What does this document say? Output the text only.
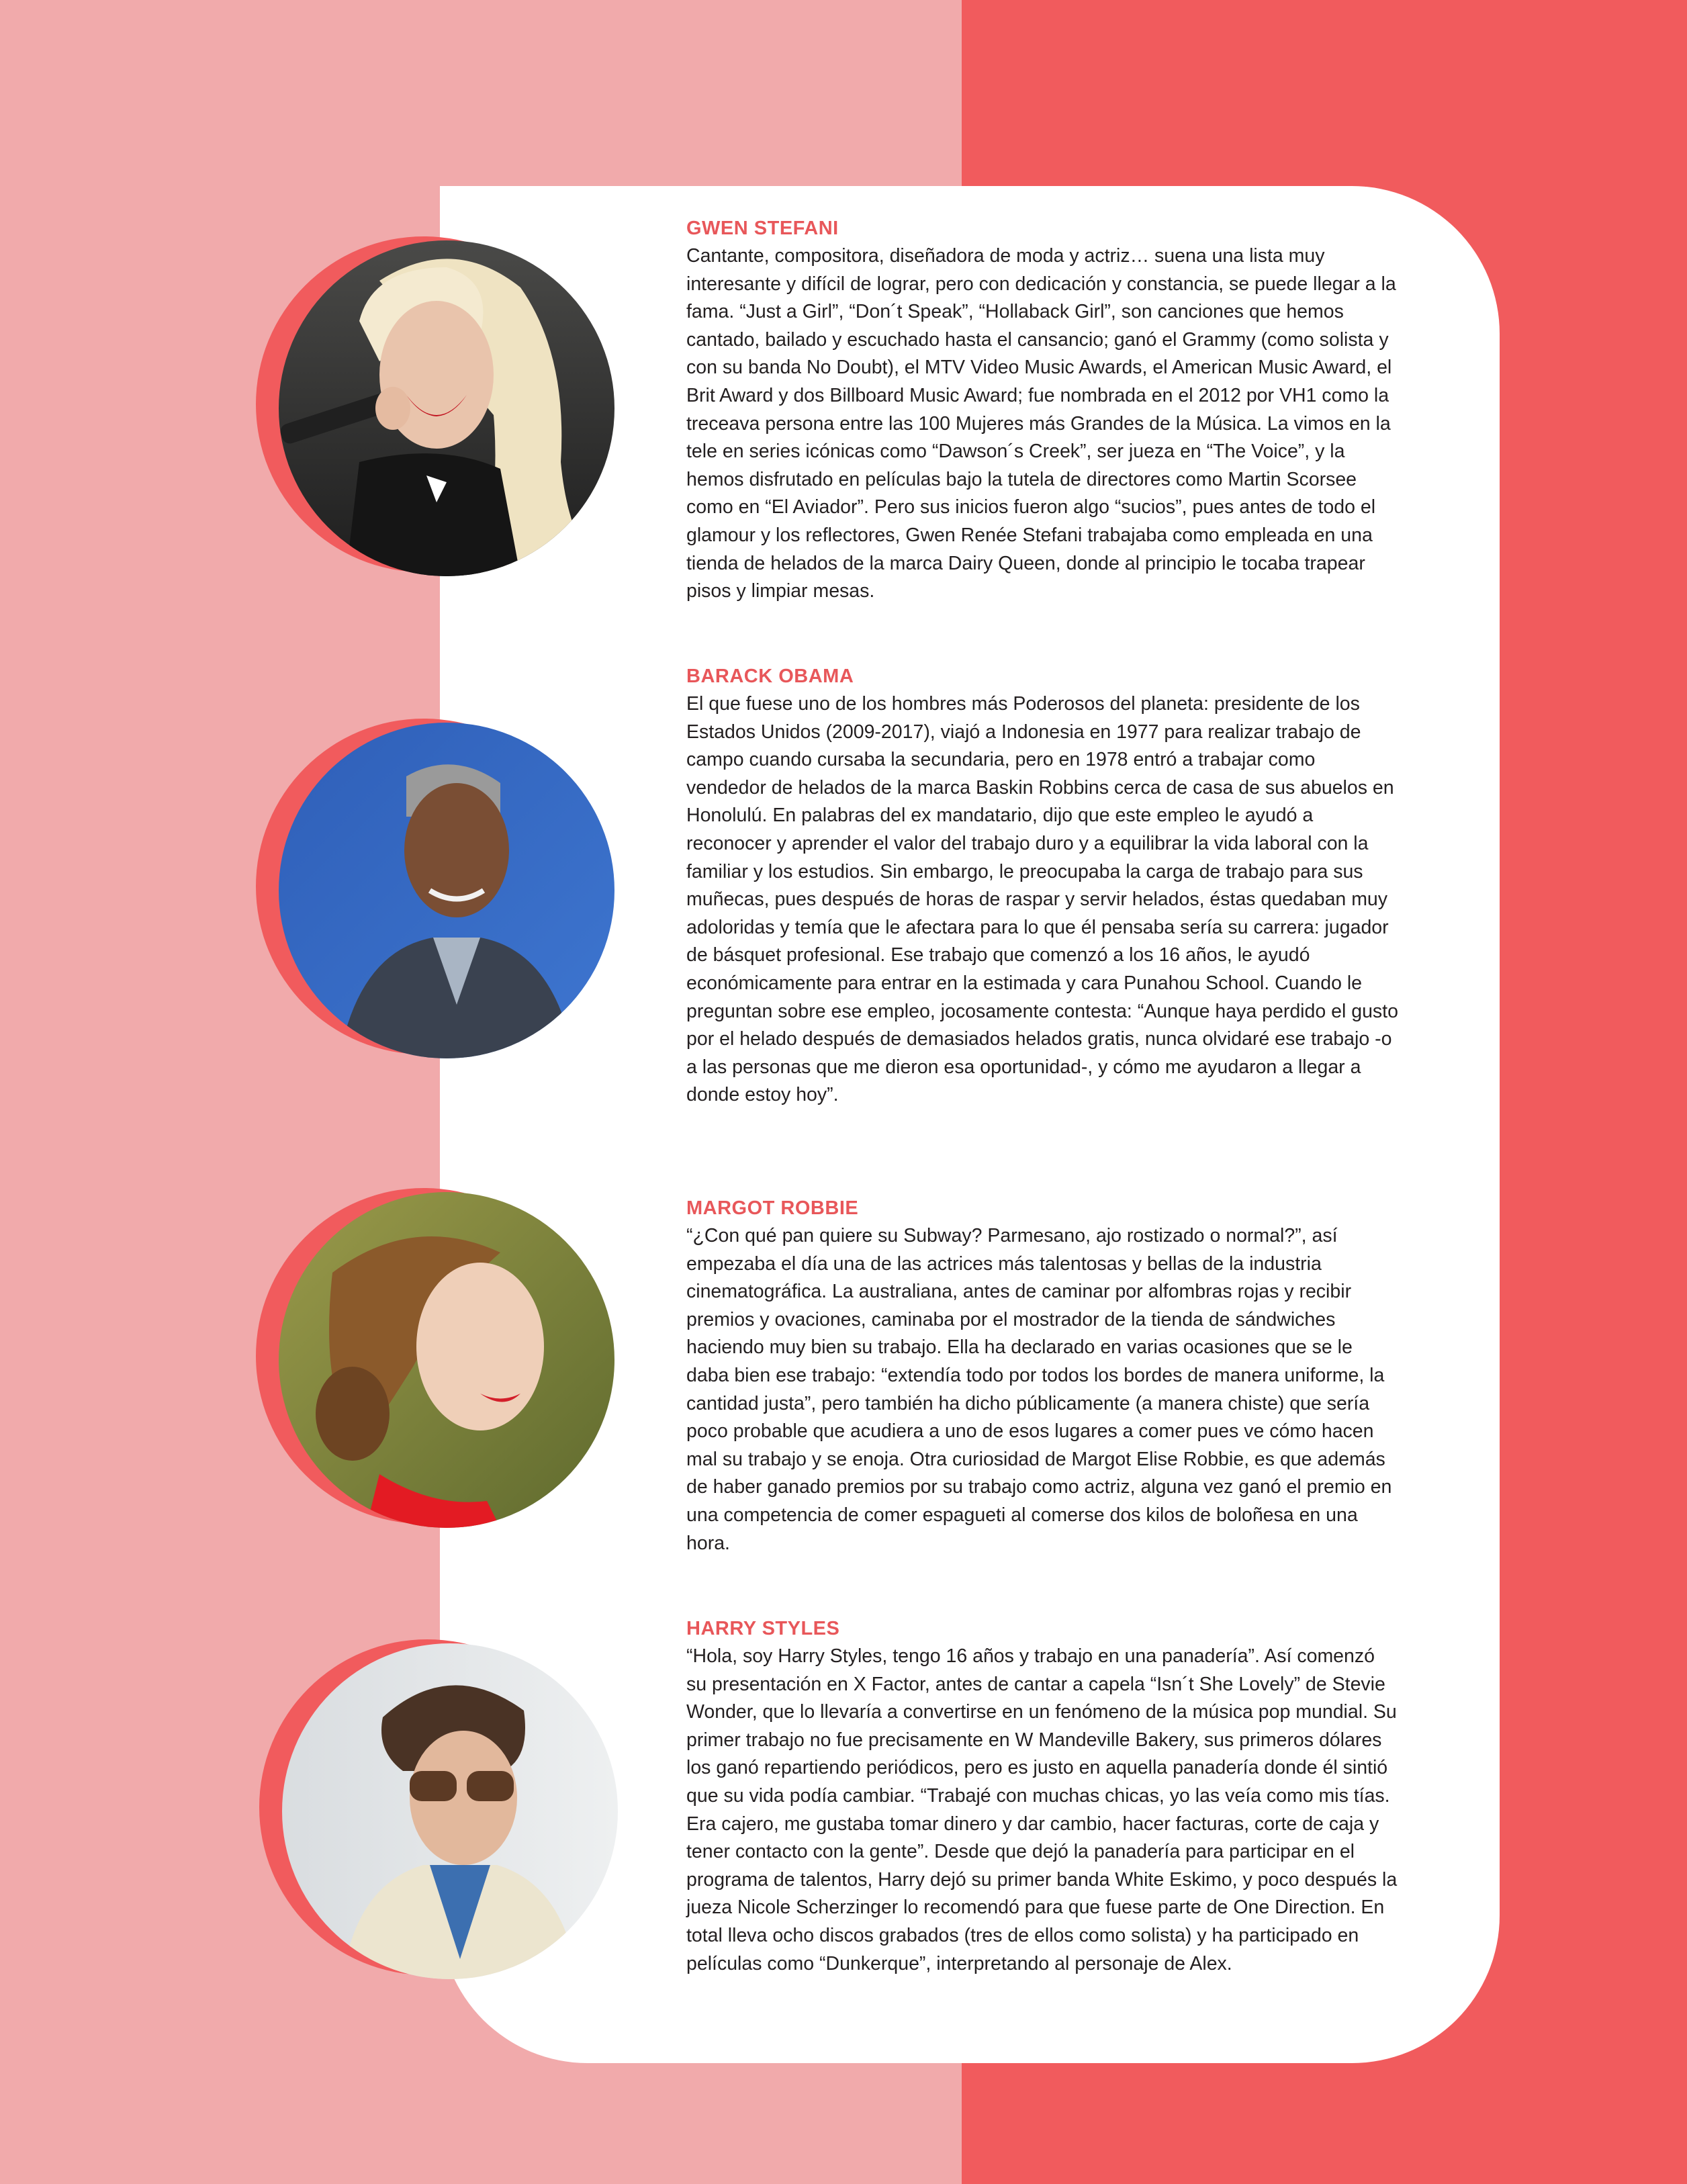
GWEN STEFANI

Cantante, compositora, diseñadora de moda y actriz… suena una lista muy interesante y difícil de lograr, pero con dedicación y constancia, se puede llegar a la fama. “Just a Girl”, “Don´t Speak”, “Hollaback Girl”, son canciones que hemos cantado, bailado y escuchado hasta el cansancio; ganó el Grammy (como solista y con su banda No Doubt), el MTV Video Music Awards, el American Music Award, el Brit Award y dos Billboard Music Award; fue nombrada en el 2012 por VH1 como la treceava persona entre las 100 Mujeres más Grandes de la Música. La vimos en la tele en series icónicas como “Dawson´s Creek”, ser jueza en “The Voice”, y la hemos disfrutado en películas bajo la tutela de directores como Martin Scorsee como en “El Aviador”. Pero sus inicios fueron algo “sucios”, pues antes de todo el glamour y los reflectores, Gwen Renée Stefani trabajaba como empleada en una tienda de helados de la marca Dairy Queen, donde al principio le tocaba trapear pisos y limpiar mesas.

BARACK OBAMA

El que fuese uno de los hombres más Poderosos del planeta: presidente de los Estados Unidos (2009-2017), viajó a Indonesia en 1977 para realizar trabajo de campo cuando cursaba la secundaria, pero en 1978 entró a trabajar como vendedor de helados de la marca Baskin Robbins cerca de casa de sus abuelos en Honolulú. En palabras del ex mandatario, dijo que este empleo le ayudó a reconocer y aprender el valor del trabajo duro y a equilibrar la vida laboral con la familiar y los estudios. Sin embargo, le preocupaba la carga de trabajo para sus muñecas, pues después de horas de raspar y servir helados, éstas quedaban muy adoloridas y temía que le afectara para lo que él pensaba sería su carrera: jugador de básquet profesional. Ese trabajo que comenzó a los 16 años, le ayudó económicamente para entrar en la estimada y cara Punahou School. Cuando le preguntan sobre ese empleo, jocosamente contesta: “Aunque haya perdido el gusto por el helado después de demasiados helados gratis, nunca olvidaré ese trabajo -o a las personas que me dieron esa oportunidad-, y cómo me ayudaron a llegar a donde estoy hoy”.

MARGOT ROBBIE

“¿Con qué pan quiere su Subway? Parmesano, ajo rostizado o normal?”, así empezaba el día una de las actrices más talentosas y bellas de la industria cinematográfica. La australiana, antes de caminar por alfombras rojas y recibir premios y ovaciones, caminaba por el mostrador de la tienda de sándwiches haciendo muy bien su trabajo. Ella ha declarado en varias ocasiones que se le daba bien ese trabajo: “extendía todo por todos los bordes de manera uniforme, la cantidad justa”, pero también ha dicho públicamente (a manera chiste) que sería poco probable que acudiera a uno de esos lugares a comer pues ve cómo hacen mal su trabajo y se enoja. Otra curiosidad de Margot Elise Robbie, es que además de haber ganado premios por su trabajo como actriz, alguna vez ganó el premio en una competencia de comer espagueti al comerse dos kilos de boloñesa en una hora.

HARRY STYLES

“Hola, soy Harry Styles, tengo 16 años y trabajo en una panadería”. Así comenzó su presentación en X Factor, antes de cantar a capela “Isn´t She Lovely” de Stevie Wonder, que lo llevaría a convertirse en un fenómeno de la música pop mundial. Su primer trabajo no fue precisamente en W Mandeville Bakery, sus primeros dólares los ganó repartiendo periódicos, pero es justo en aquella panadería donde él sintió que su vida podía cambiar. “Trabajé con muchas chicas, yo las veía como mis tías. Era cajero, me gustaba tomar dinero y dar cambio, hacer facturas, corte de caja y tener contacto con la gente”. Desde que dejó la panadería para participar en el programa de talentos, Harry dejó su primer banda White Eskimo, y poco después la jueza Nicole Scherzinger lo recomendó para que fuese parte de One Direction. En total lleva ocho discos grabados (tres de ellos como solista) y ha participado en películas como “Dunkerque”, interpretando al personaje de Alex.
